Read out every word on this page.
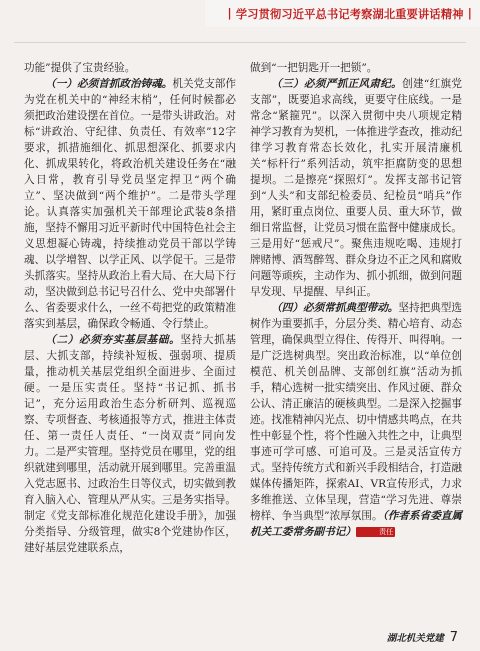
| 学习贯彻习近平总书记考察湖北重要讲话精神 |

功能”提供了宝贵经验。

（一）必须首抓政治铸魂。机关党支部作为党在机关中的“神经末梢”，任何时候都必须把政治建设摆在首位。一是带头讲政治。对标“讲政治、守纪律、负责任、有效率”12字要求，抓措施细化、抓思想深化、抓要求内化、抓成果转化，将政治机关建设任务在“融入日常，教育引导党员坚定捍卫“两个确立”、坚决做到“两个维护”。二是带头学理论。认真落实加强机关干部理论武装8条措施，坚持不懈用习近平新时代中国特色社会主义思想凝心铸魂，持续推动党员干部以学铸魂、以学增智、以学正风、以学促干。三是带头抓落实。坚持从政治上看大局、在大局下行动，坚决做到总书记号召什么、党中央部署什么、省委要求什么，一丝不苟把党的政策精准落实到基层，确保政令畅通、令行禁止。

（二）必须夯实基层基础。坚持大抓基层、大抓支部，持续补短板、强弱项、提质量，推动机关基层党组织全面进步、全面过硬。一是压实责任。坚持“书记抓、抓书记”，充分运用政治生态分析研判、巡视巡察、专项督查、考核通报等方式，推进主体责任、第一责任人责任、“一岗双责”同向发力。二是严实管理。坚持党员在哪里，党的组织就建到哪里，活动就开展到哪里。完善重温入党志愿书、过政治生日等仪式，切实做到教育入脑入心、管理从严从实。三是务实指导。制定《党支部标准化规范化建设手册》，加强分类指导、分级管理，做实8个党建协作区，建好基层党建联系点，

做到“一把钥匙开一把锁”。

（三）必须严抓正风肃纪。创建“红旗党支部”，既要追求高线，更要守住底线。一是常念“紧箍咒”。以深入贯彻中央八项规定精神学习教育为契机，一体推进学查改，推动纪律学习教育常态长效化，扎实开展清廉机关“标杆行”系列活动，筑牢拒腐防变的思想提坝。二是擦亮“探照灯”。发挥支部书记管到“人头”和支部纪检委员、纪检员“哨兵”作用，紧盯重点岗位、重要人员、重大环节，做细日常监督，让党员习惯在监督中健康成长。三是用好“惩戒尺”。聚焦违规吃喝、违规打牌赌博、酒驾醉驾、群众身边不正之风和腐败问题等顽疾，主动作为、抓小抓细，做到问题早发现、早提醒、早纠正。

（四）必须常抓典型带动。坚持把典型选树作为重要抓手，分层分类、精心培育、动态管理，确保典型立得住、传得开、叫得响。一是广泛选树典型。突出政治标准，以“单位创模范、机关创品牌、支部创红旗”活动为抓手，精心选树一批实绩突出、作风过硬、群众公认、清正廉洁的硬核典型。二是深入挖掘事迹。找准精神闪光点、切中情感共鸣点，在共性中彰显个性，将个性融入共性之中，让典型事迹可学可感、可追可及。三是灵活宣传方式。坚持传统方式和新兴手段相结合，打造融媒体传播矩阵，探索AI、VR宣传形式，力求多维推送、立体呈现，营造“学习先进、尊崇榜样、争当典型”浓厚氛围。（作者系省委直属机关工委常务副书记）	责任

湖北机关党建 7
